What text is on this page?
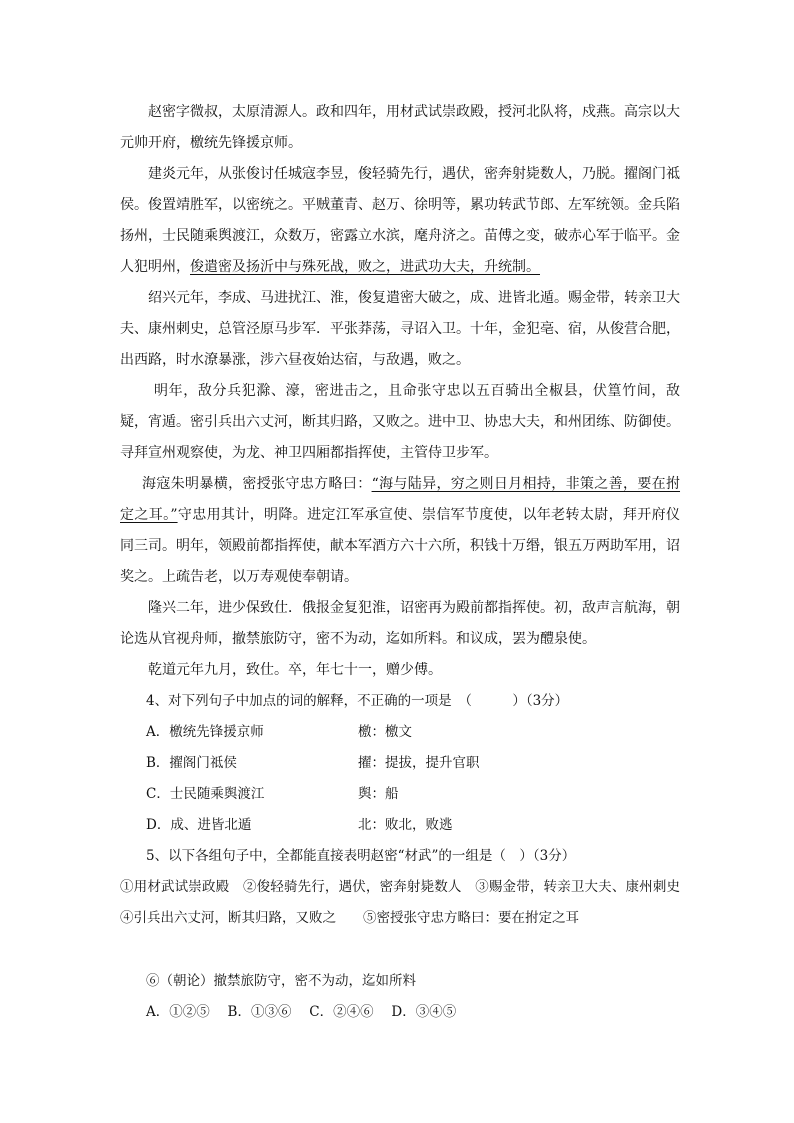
赵密字微叔，太原清源人。政和四年，用材武试崇政殿，授河北队将，戍燕。高宗以大元帅开府，檄统先锋援京师。

建炎元年，从张俊讨任城寇李昱，俊轻骑先行，遇伏，密奔射毙数人，乃脱。擢阁门祗侯。俊置靖胜军，以密统之。平贼董青、赵万、徐明等，累功转武节郎、左军统领。金兵陷扬州，士民随乘舆渡江，众数万，密露立水滨，麾舟济之。苗傅之变，破赤心军于临平。金人犯明州，俊遣密及扬沂中与殊死战，败之，进武功大夫，升统制。

绍兴元年，李成、马进扰江、淮，俊复遣密大破之，成、进皆北遁。赐金带，转亲卫大夫、康州刺史，总管泾原马步军．平张莽荡，寻诏入卫。十年，金犯亳、宿，从俊营合肥，出西路，时水潦暴涨，涉六昼夜始达宿，与敌遇，败之。

明年，敌分兵犯滁、濠，密进击之，且命张守忠以五百骑出全椒县，伏篁竹间，敌疑，宵遁。密引兵出六丈河，断其归路，又败之。进中卫、协忠大夫，和州团练、防御使。寻拜宣州观察使，为龙、神卫四厢都指挥使，主管侍卫步军。

海寇朱明暴横，密授张守忠方略曰：“海与陆异，穷之则日月相持，非策之善，要在拊定之耳。”守忠用其计，明降。进定江军承宣使、崇信军节度使，以年老转太尉，拜开府仪同三司。明年，领殿前都指挥使，献本军酒方六十六所，积钱十万缗，银五万两助军用，诏奖之。上疏告老，以万寿观使奉朝请。

隆兴二年，进少保致仕．俄报金复犯淮，诏密再为殿前都指挥使。初，敌声言航海，朝论选从官视舟师，撤禁旅防守，密不为动，迄如所料。和议成，罢为醴泉使。

乾道元年九月，致仕。卒，年七十一，赠少傅。

4、对下列句子中加点的词的解释，不正确的一项是　（　　　）（3分）

A．檄统先锋援京师	檄：檄文
B．擢阁门祗侯	擢：提拔，提升官职
C．士民随乘舆渡江	舆：船
D．成、进皆北遁	北：败北，败逃

5、以下各组句子中，全都能直接表明赵密“材武”的一组是（　）（3分）

①用材武试崇政殿　②俊轻骑先行，遇伏，密奔射毙数人　③赐金带，转亲卫大夫、康州刺史　　④引兵出六丈河，断其归路，又败之　　⑤密授张守忠方略曰：要在拊定之耳

⑥（朝论）撤禁旅防守，密不为动，迄如所料

A．①②⑤　 B．①③⑥　 C．②④⑥　 D．③④⑤
